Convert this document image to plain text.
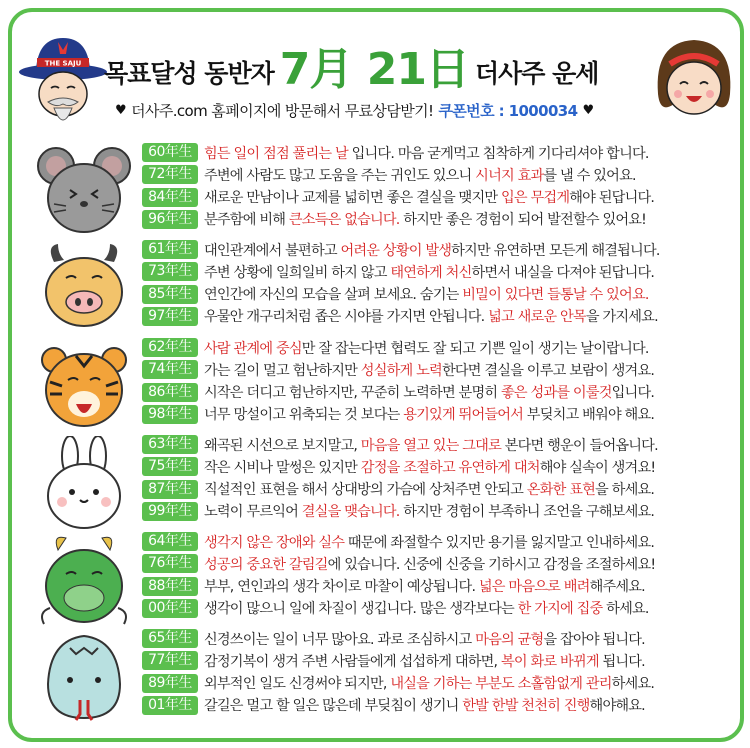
THE SAJU 목표달성 동반자 7月 21日 더사주 운세
♥ 더사주.com 홈페이지에 방문해서 무료상담받기! 쿠폰번호 : 1000034 ♥
60年生 힘든 일이 점점 풀리는 날 입니다. 마음 굳게먹고 침착하게 기다리셔야 합니다.
72年生 주변에 사람도 많고 도움을 주는 귀인도 있으니 시너지 효과를 낼 수 있어요.
84年生 새로운 만남이나 교제를 넓히면 좋은 결실을 맺지만 입은 무겁게해야 된답니다.
96年生 분주함에 비해 큰소득은 없습니다. 하지만 좋은 경험이 되어 발전할수 있어요!
61年生 대인관계에서 불편하고 어려운 상황이 발생하지만 유연하면 모든게 해결됩니다.
73年生 주변 상황에 일희일비 하지 않고 태연하게 처신하면서 내실을 다져야 된답니다.
85年生 연인간에 자신의 모습을 살펴 보세요. 숨기는 비밀이 있다면 들통날 수 있어요.
97年生 우물안 개구리처럼 좁은 시야를 가지면 안됩니다. 넓고 새로운 안목을 가지세요.
62年生 사람 관계에 중심만 잘 잡는다면 협력도 잘 되고 기쁜 일이 생기는 날이랍니다.
74年生 가는 길이 멀고 험난하지만 성실하게 노력한다면 결실을 이루고 보람이 생겨요.
86年生 시작은 더디고 험난하지만, 꾸준히 노력하면 분명히 좋은 성과를 이룰것입니다.
98年生 너무 망설이고 위축되는 것 보다는 용기있게 뛰어들어서 부딪치고 배워야 해요.
63年生 왜곡된 시선으로 보지말고, 마음을 열고 있는 그대로 본다면 행운이 들어옵니다.
75年生 작은 시비나 말썽은 있지만 감정을 조절하고 유연하게 대처해야 실속이 생겨요!
87年生 직설적인 표현을 해서 상대방의 가슴에 상처주면 안되고 온화한 표현을 하세요.
99年生 노력이 무르익어 결실을 맺습니다. 하지만 경험이 부족하니 조언을 구해보세요.
64年生 생각지 않은 장애와 실수 때문에 좌절할수 있지만 용기를 잃지말고 인내하세요.
76年生 성공의 중요한 갈림길에 있습니다. 신중에 신중을 기하시고 감정을 조절하세요!
88年生 부부, 연인과의 생각 차이로 마찰이 예상됩니다. 넓은 마음으로 배려해주세요.
00年生 생각이 많으니 일에 차질이 생깁니다. 많은 생각보다는 한 가지에 집중 하세요.
65年生 신경쓰이는 일이 너무 많아요. 과로 조심하시고 마음의 균형을 잡아야 됩니다.
77年生 감정기복이 생겨 주변 사람들에게 섭섭하게 대하면, 복이 화로 바뀌게 됩니다.
89年生 외부적인 일도 신경써야 되지만, 내실을 기하는 부분도 소홀함없게 관리하세요.
01年生 갈길은 멀고 할 일은 많은데 부딪침이 생기니 한발 한발 천천히 진행해야해요.
